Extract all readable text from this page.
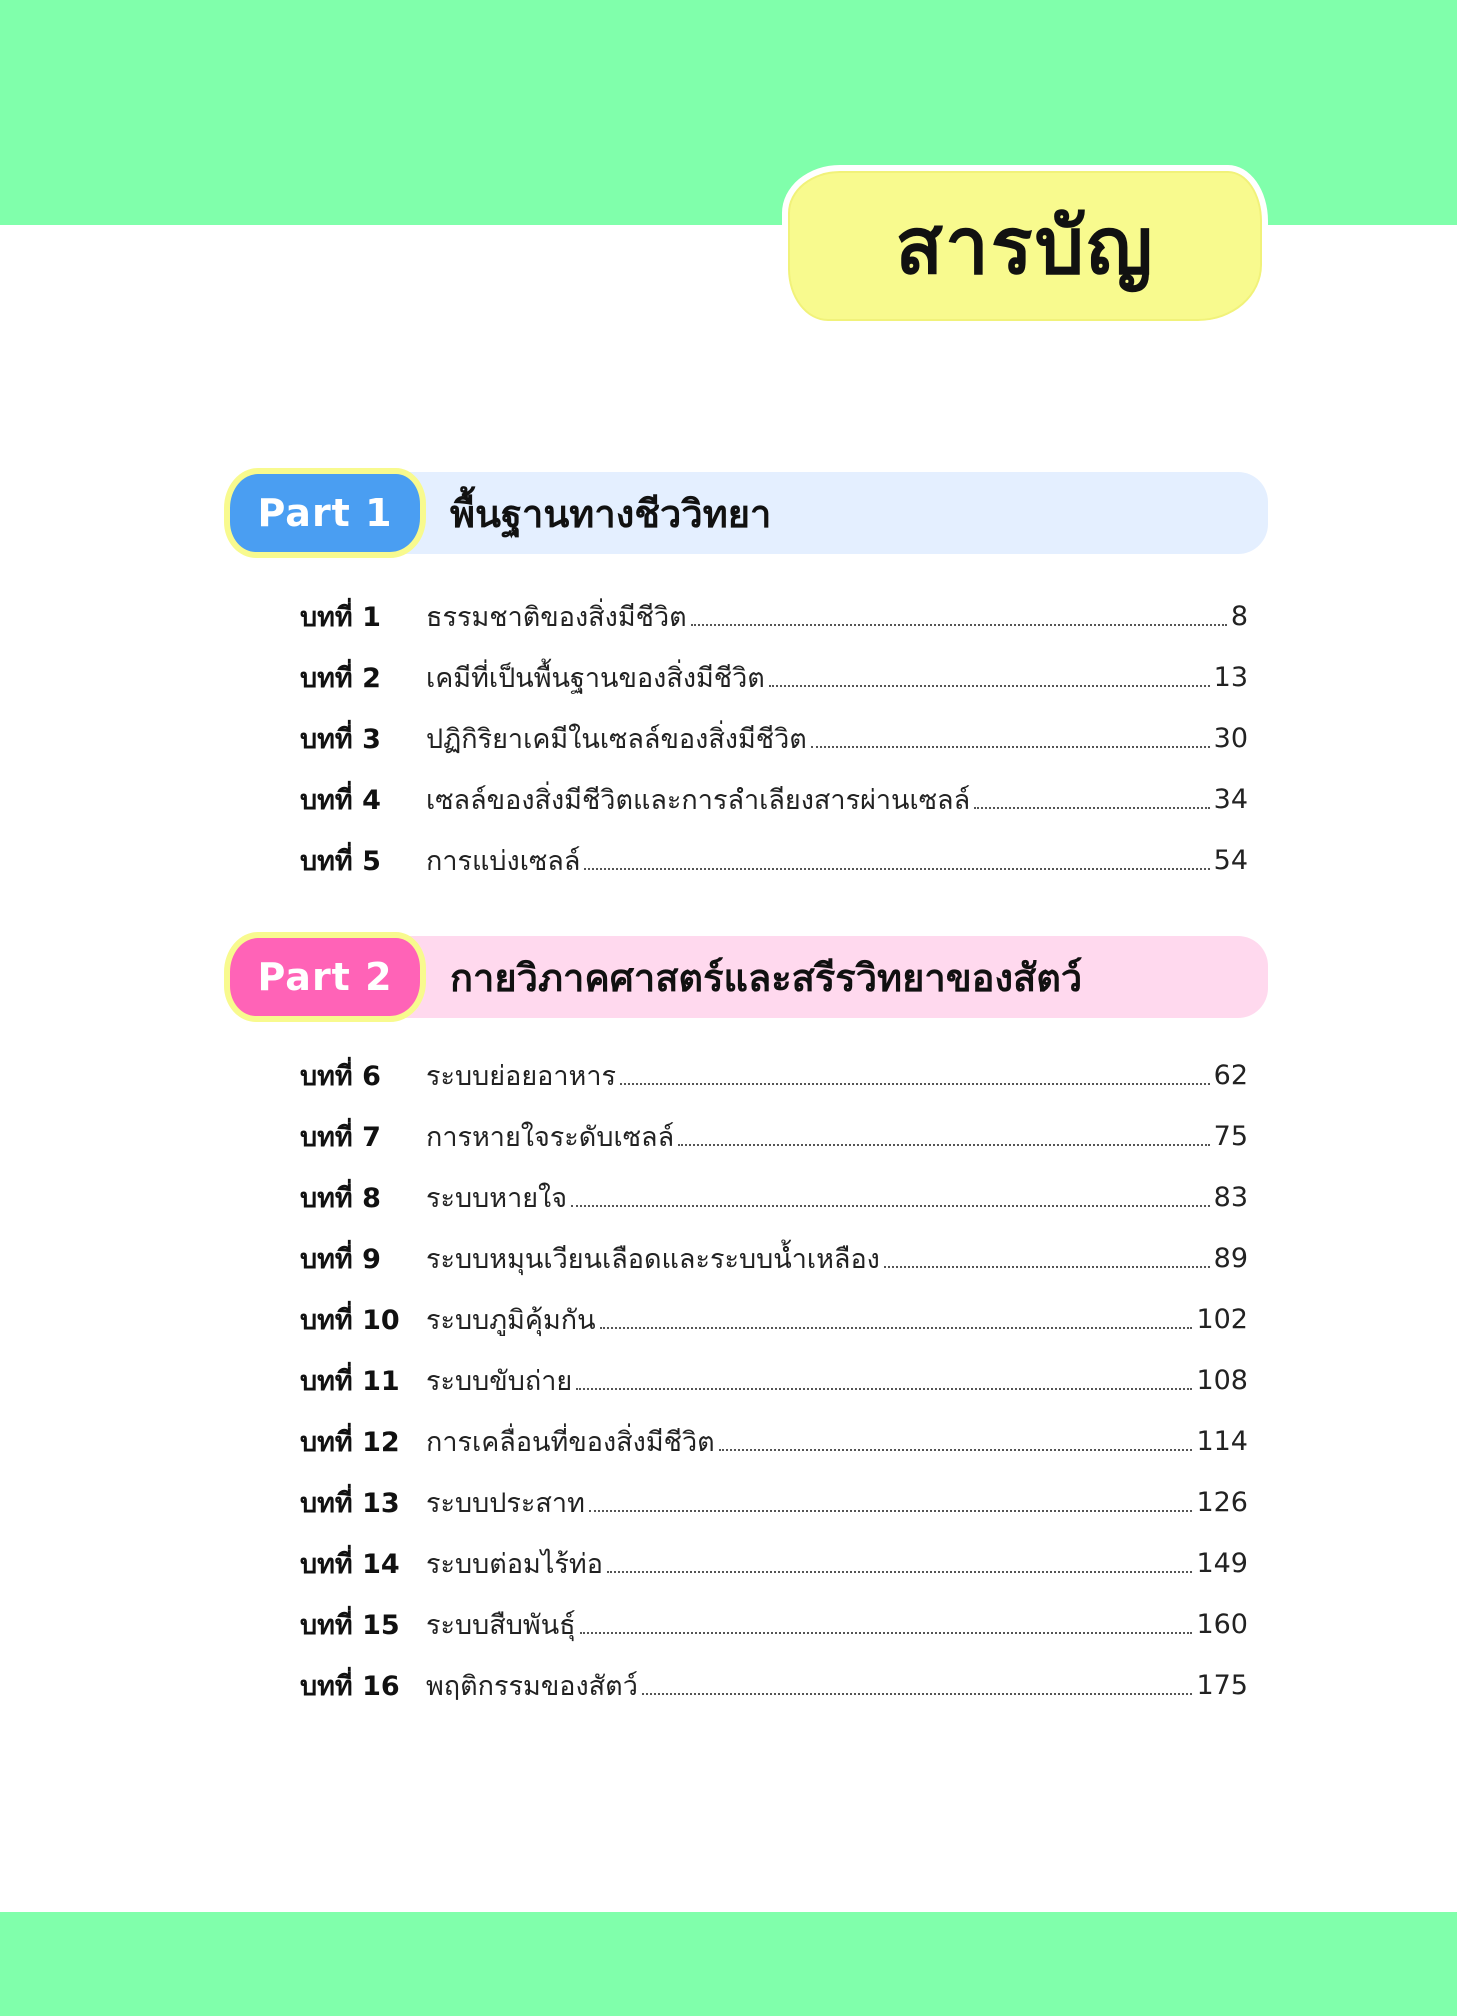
สารบัญ
Part 1	พื้นฐานทางชีววิทยา
บทที่ 1	ธรรมชาติของสิ่งมีชีวิต	8
บทที่ 2	เคมีที่เป็นพื้นฐานของสิ่งมีชีวิต	13
บทที่ 3	ปฏิกิริยาเคมีในเซลล์ของสิ่งมีชีวิต	30
บทที่ 4	เซลล์ของสิ่งมีชีวิตและการลำเลียงสารผ่านเซลล์	34
บทที่ 5	การแบ่งเซลล์	54
Part 2	กายวิภาคศาสตร์และสรีรวิทยาของสัตว์
บทที่ 6	ระบบย่อยอาหาร	62
บทที่ 7	การหายใจระดับเซลล์	75
บทที่ 8	ระบบหายใจ	83
บทที่ 9	ระบบหมุนเวียนเลือดและระบบน้ำเหลือง	89
บทที่ 10 ระบบภูมิคุ้มกัน	102
บทที่ 11 ระบบขับถ่าย	108
บทที่ 12 การเคลื่อนที่ของสิ่งมีชีวิต	114
บทที่ 13 ระบบประสาท	126
บทที่ 14 ระบบต่อมไร้ท่อ	149
บทที่ 15 ระบบสืบพันธุ์	160
บทที่ 16 พฤติกรรมของสัตว์	175
